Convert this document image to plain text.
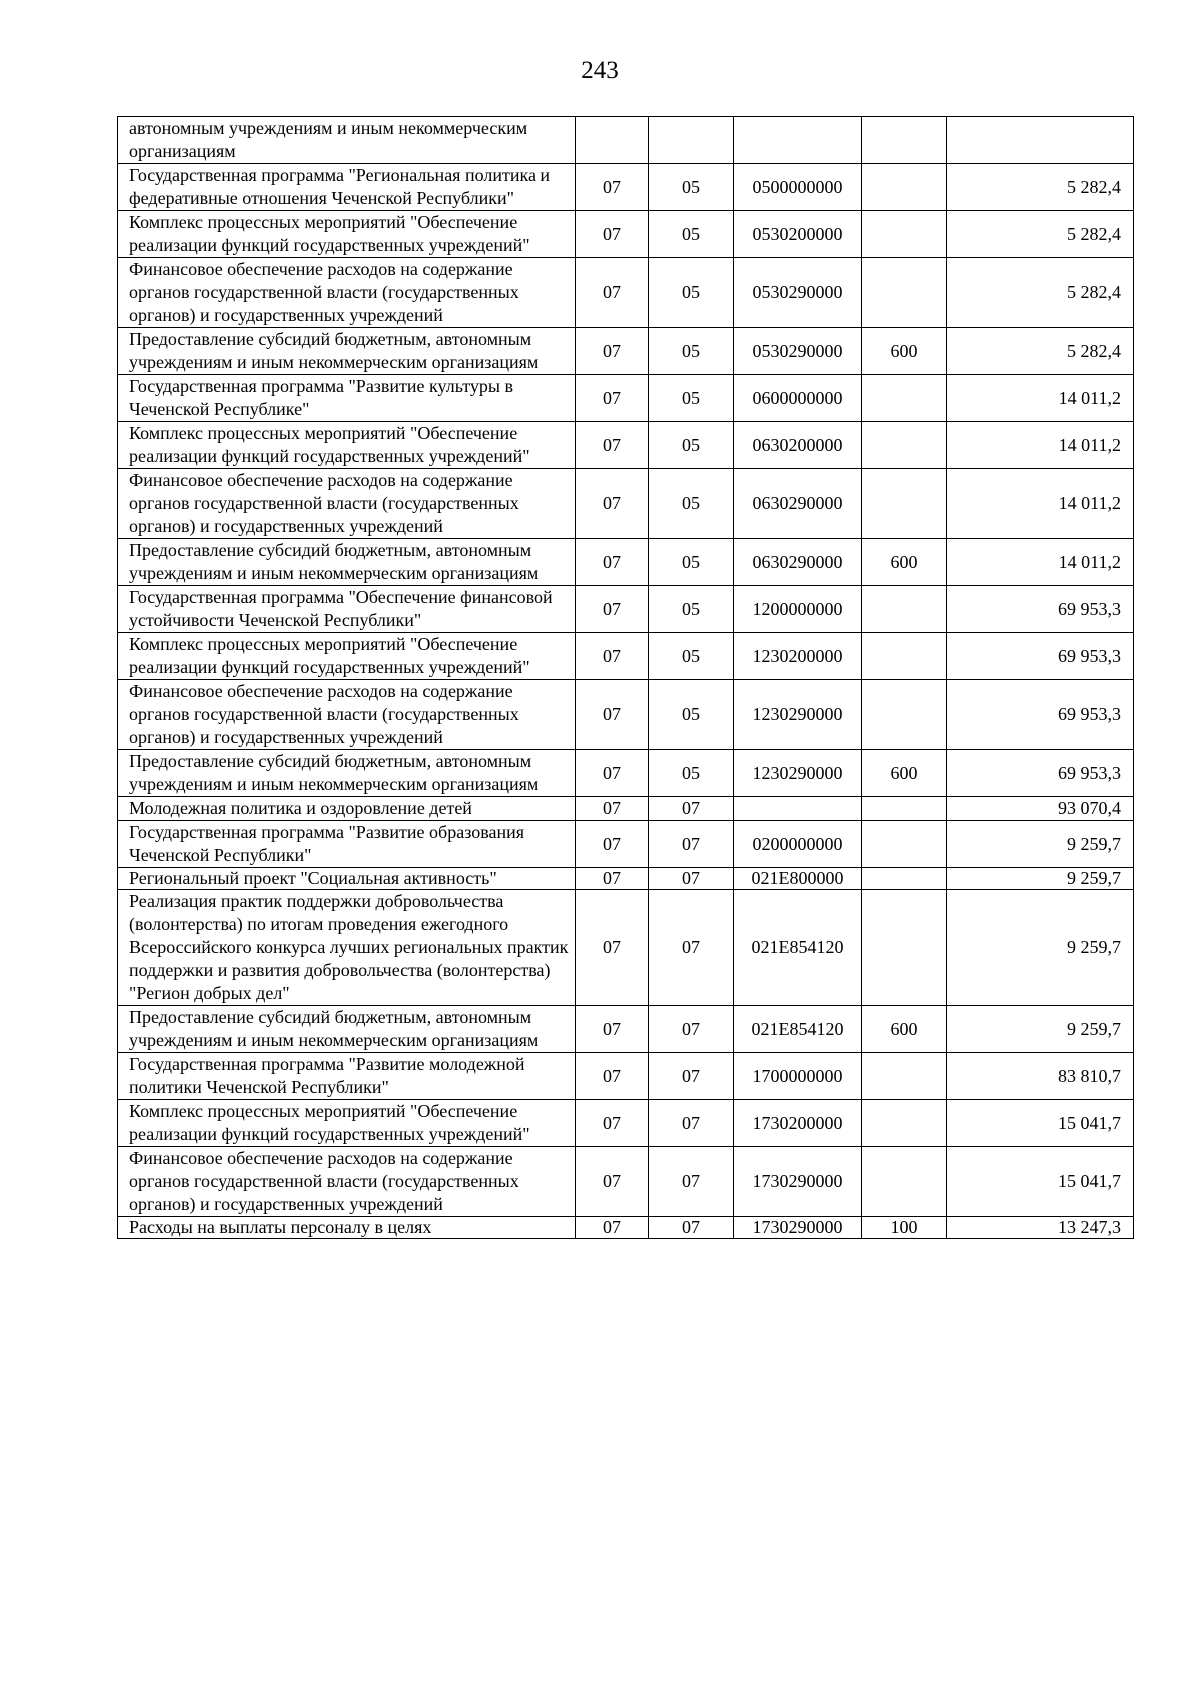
243
автономным учреждениям и иным некоммерческим организациям					
Государственная программа "Региональная политика и федеративные отношения Чеченской Республики"	07	05	0500000000		5 282,4
Комплекс процессных мероприятий "Обеспечение реализации функций государственных учреждений"	07	05	0530200000		5 282,4
Финансовое обеспечение расходов на содержание органов государственной власти (государственных органов) и государственных учреждений	07	05	0530290000		5 282,4
Предоставление субсидий бюджетным, автономным учреждениям и иным некоммерческим организациям	07	05	0530290000	600	5 282,4
Государственная программа "Развитие культуры в Чеченской Республике"	07	05	0600000000		14 011,2
Комплекс процессных мероприятий "Обеспечение реализации функций государственных учреждений"	07	05	0630200000		14 011,2
Финансовое обеспечение расходов на содержание органов государственной власти (государственных органов) и государственных учреждений	07	05	0630290000		14 011,2
Предоставление субсидий бюджетным, автономным учреждениям и иным некоммерческим организациям	07	05	0630290000	600	14 011,2
Государственная программа "Обеспечение финансовой устойчивости Чеченской Республики"	07	05	1200000000		69 953,3
Комплекс процессных мероприятий "Обеспечение реализации функций государственных учреждений"	07	05	1230200000		69 953,3
Финансовое обеспечение расходов на содержание органов государственной власти (государственных органов) и государственных учреждений	07	05	1230290000		69 953,3
Предоставление субсидий бюджетным, автономным учреждениям и иным некоммерческим организациям	07	05	1230290000	600	69 953,3
Молодежная политика и оздоровление детей	07	07			93 070,4
Государственная программа "Развитие образования Чеченской Республики"	07	07	0200000000		9 259,7
Региональный проект "Социальная активность"	07	07	021E800000		9 259,7
Реализация практик поддержки добровольчества (волонтерства) по итогам проведения ежегодного Всероссийского конкурса лучших региональных практик поддержки и развития добровольчества (волонтерства) "Регион добрых дел"	07	07	021E854120		9 259,7
Предоставление субсидий бюджетным, автономным учреждениям и иным некоммерческим организациям	07	07	021E854120	600	9 259,7
Государственная программа "Развитие молодежной политики Чеченской Республики"	07	07	1700000000		83 810,7
Комплекс процессных мероприятий "Обеспечение реализации функций государственных учреждений"	07	07	1730200000		15 041,7
Финансовое обеспечение расходов на содержание органов государственной власти (государственных органов) и государственных учреждений	07	07	1730290000		15 041,7
Расходы на выплаты персоналу в целях	07	07	1730290000	100	13 247,3
